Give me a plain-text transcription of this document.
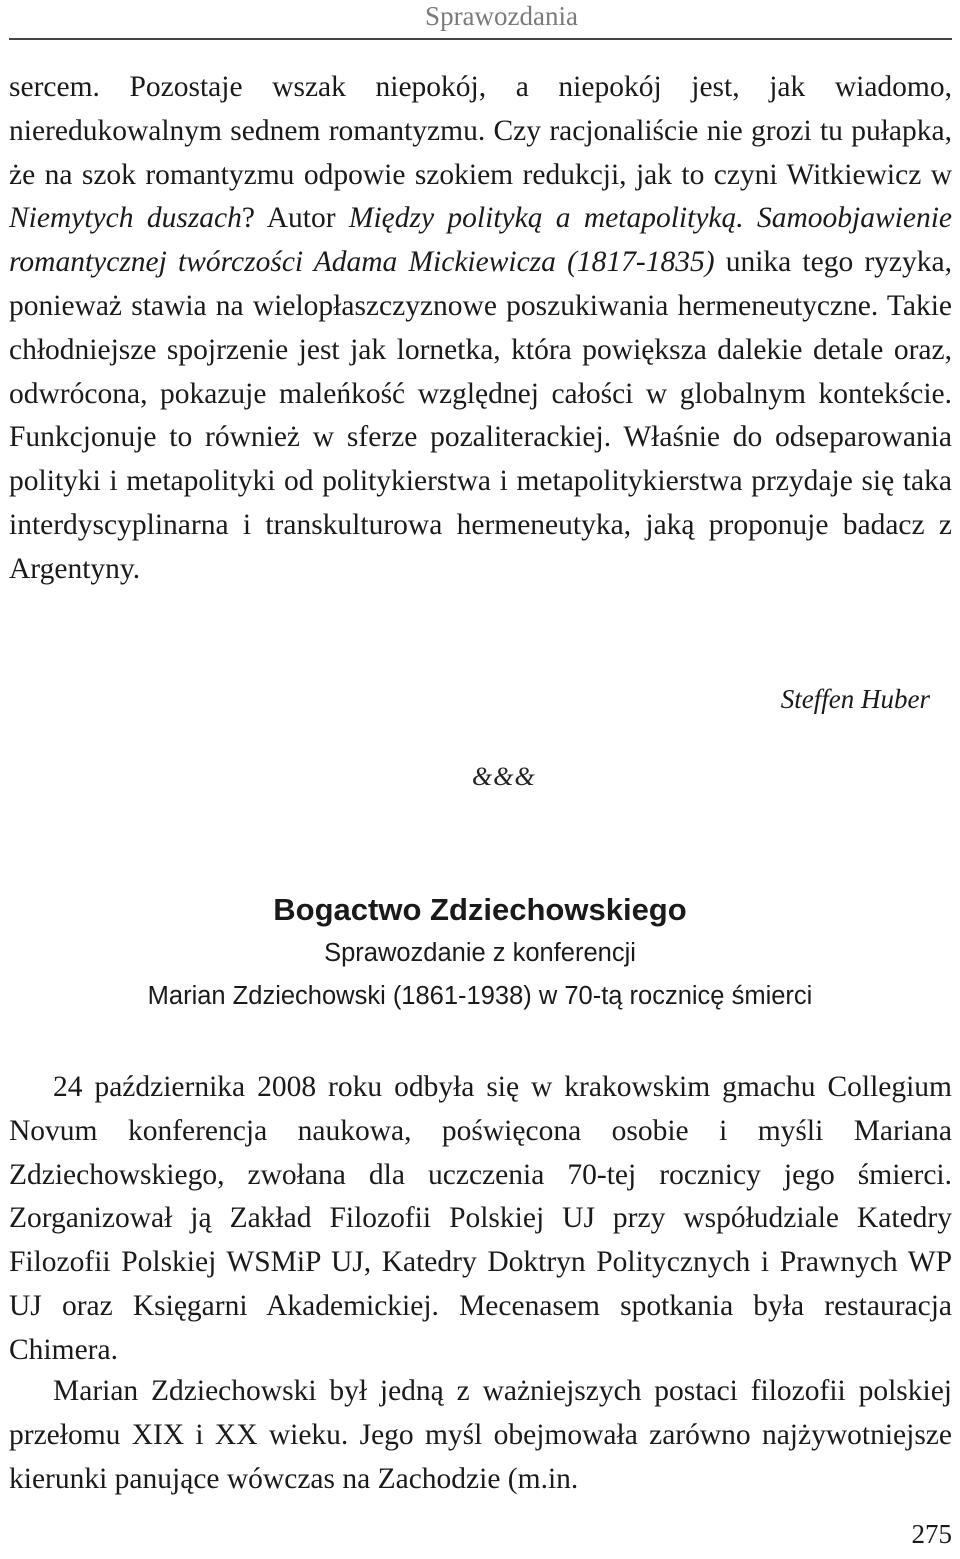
Sprawozdania

sercem. Pozostaje wszak niepokój, a niepokój jest, jak wiadomo, nieredukowalnym sednem romantyzmu. Czy racjonaliście nie grozi tu pułapka, że na szok romantyzmu odpowie szokiem redukcji, jak to czyni Witkiewicz w Niemytych duszach? Autor Między polityką a metapolityką. Samoobjawienie romantycznej twórczości Adama Mickiewicza (1817-1835) unika tego ryzyka, ponieważ stawia na wielopłaszczyznowe poszukiwania hermeneutyczne. Takie chłodniejsze spojrzenie jest jak lornetka, która powiększa dalekie detale oraz, odwrócona, pokazuje maleńkość względnej całości w globalnym kontekście. Funkcjonuje to również w sferze pozaliterackiej. Właśnie do odseparowania polityki i metapolityki od politykierstwa i metapolitykierstwa przydaje się taka interdyscyplinarna i transkulturowa hermeneutyka, jaką proponuje badacz z Argentyny.

Steffen Huber
&&&
Bogactwo Zdziechowskiego
Sprawozdanie z konferencji
Marian Zdziechowski (1861-1938) w 70-tą rocznicę śmierci

24 października 2008 roku odbyła się w krakowskim gmachu Collegium Novum konferencja naukowa, poświęcona osobie i myśli Mariana Zdziechowskiego, zwołana dla uczczenia 70-tej rocznicy jego śmierci. Zorganizował ją Zakład Filozofii Polskiej UJ przy współudziale Katedry Filozofii Polskiej WSMiP UJ, Katedry Doktryn Politycznych i Prawnych WP UJ oraz Księgarni Akademickiej. Mecenasem spotkania była restauracja Chimera.

Marian Zdziechowski był jedną z ważniejszych postaci filozofii polskiej przełomu XIX i XX wieku. Jego myśl obejmowała zarówno najżywotniejsze kierunki panujące wówczas na Zachodzie (m.in.

275
